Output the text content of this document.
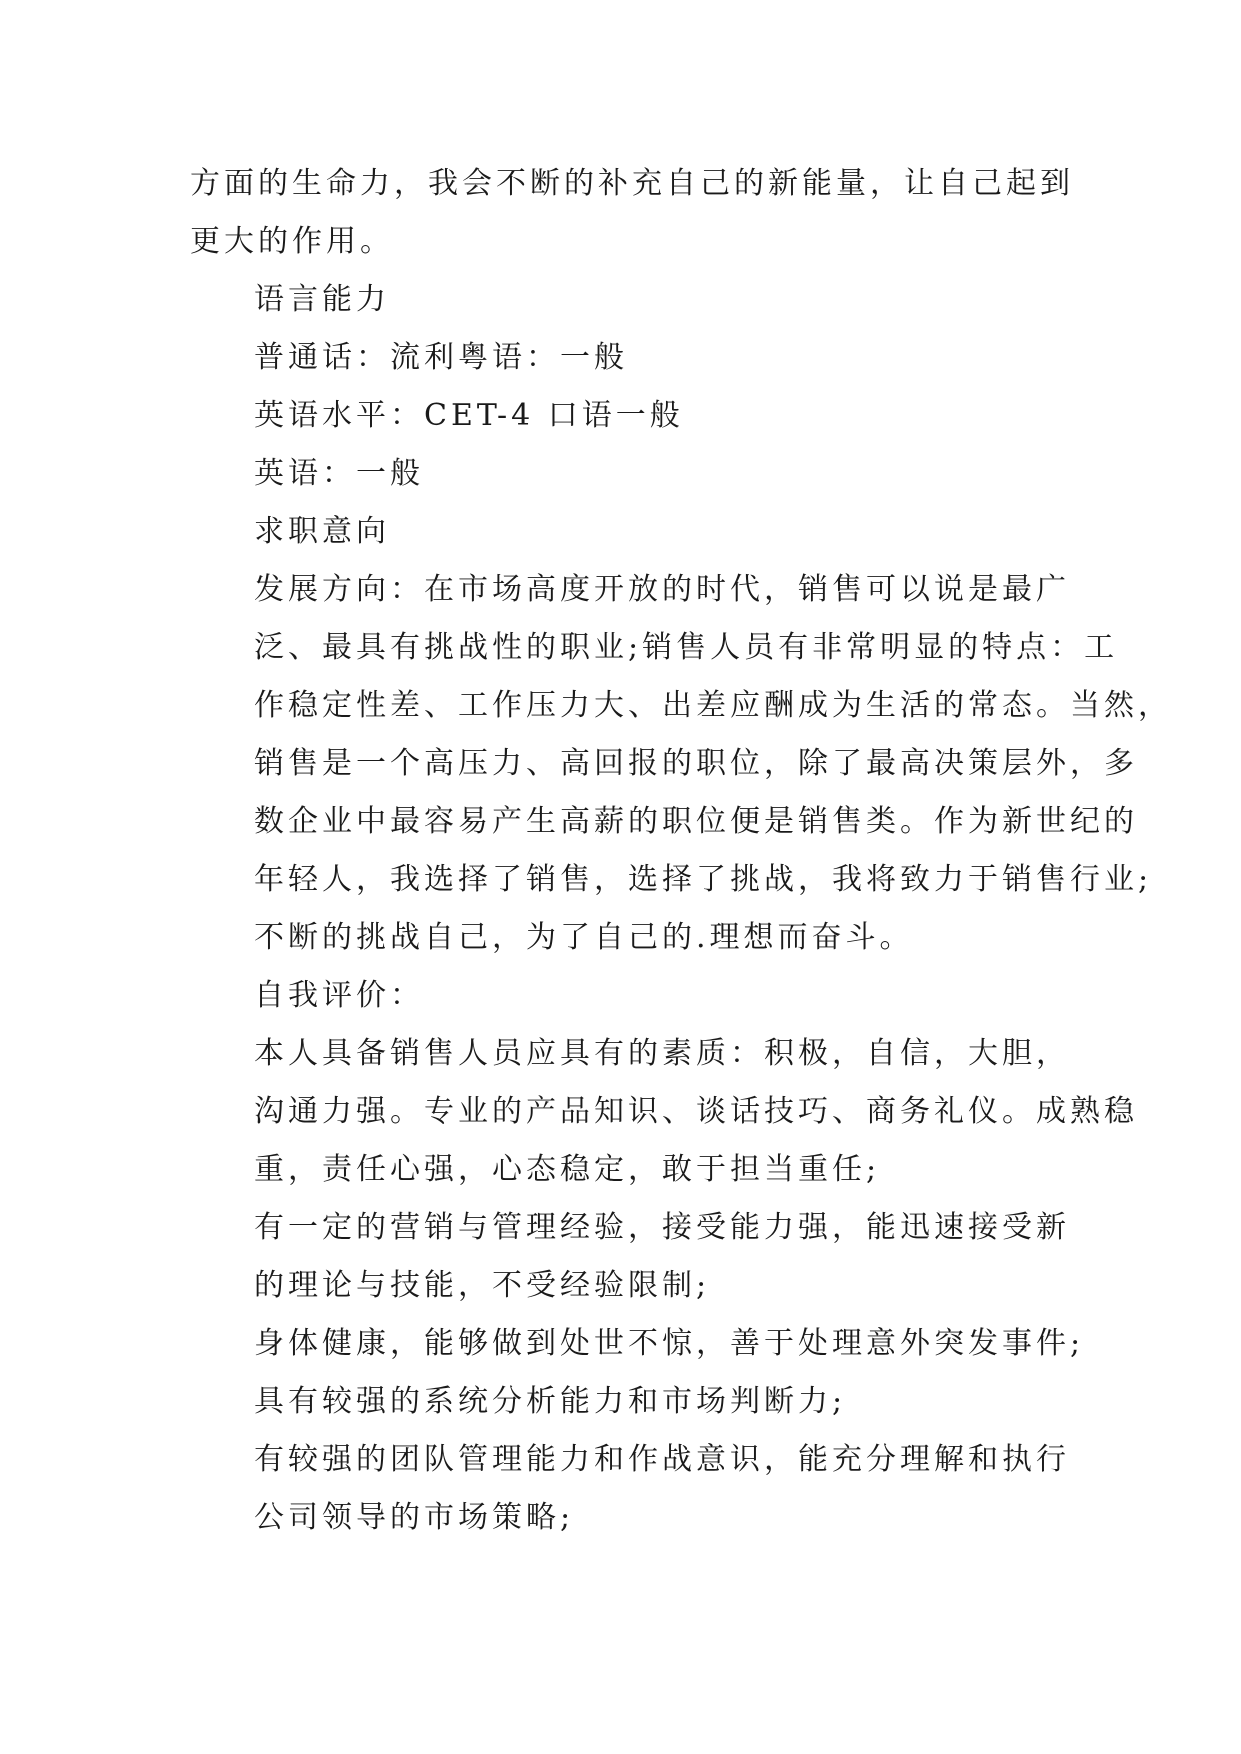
方面的生命力，我会不断的补充自己的新能量，让自己起到
更大的作用。

语言能力

普通话：流利粤语：一般

英语水平：CET-4 口语一般

英语：一般

求职意向

发展方向：在市场高度开放的时代，销售可以说是最广
泛、最具有挑战性的职业;销售人员有非常明显的特点：工
作稳定性差、工作压力大、出差应酬成为生活的常态。当然，
销售是一个高压力、高回报的职位，除了最高决策层外，多
数企业中最容易产生高薪的职位便是销售类。作为新世纪的
年轻人，我选择了销售，选择了挑战，我将致力于销售行业;
不断的挑战自己，为了自己的.理想而奋斗。

自我评价：

本人具备销售人员应具有的素质：积极，自信，大胆，
沟通力强。专业的产品知识、谈话技巧、商务礼仪。成熟稳
重，责任心强，心态稳定，敢于担当重任;

有一定的营销与管理经验，接受能力强，能迅速接受新
的理论与技能，不受经验限制;

身体健康，能够做到处世不惊，善于处理意外突发事件;

具有较强的系统分析能力和市场判断力;

有较强的团队管理能力和作战意识，能充分理解和执行
公司领导的市场策略;
